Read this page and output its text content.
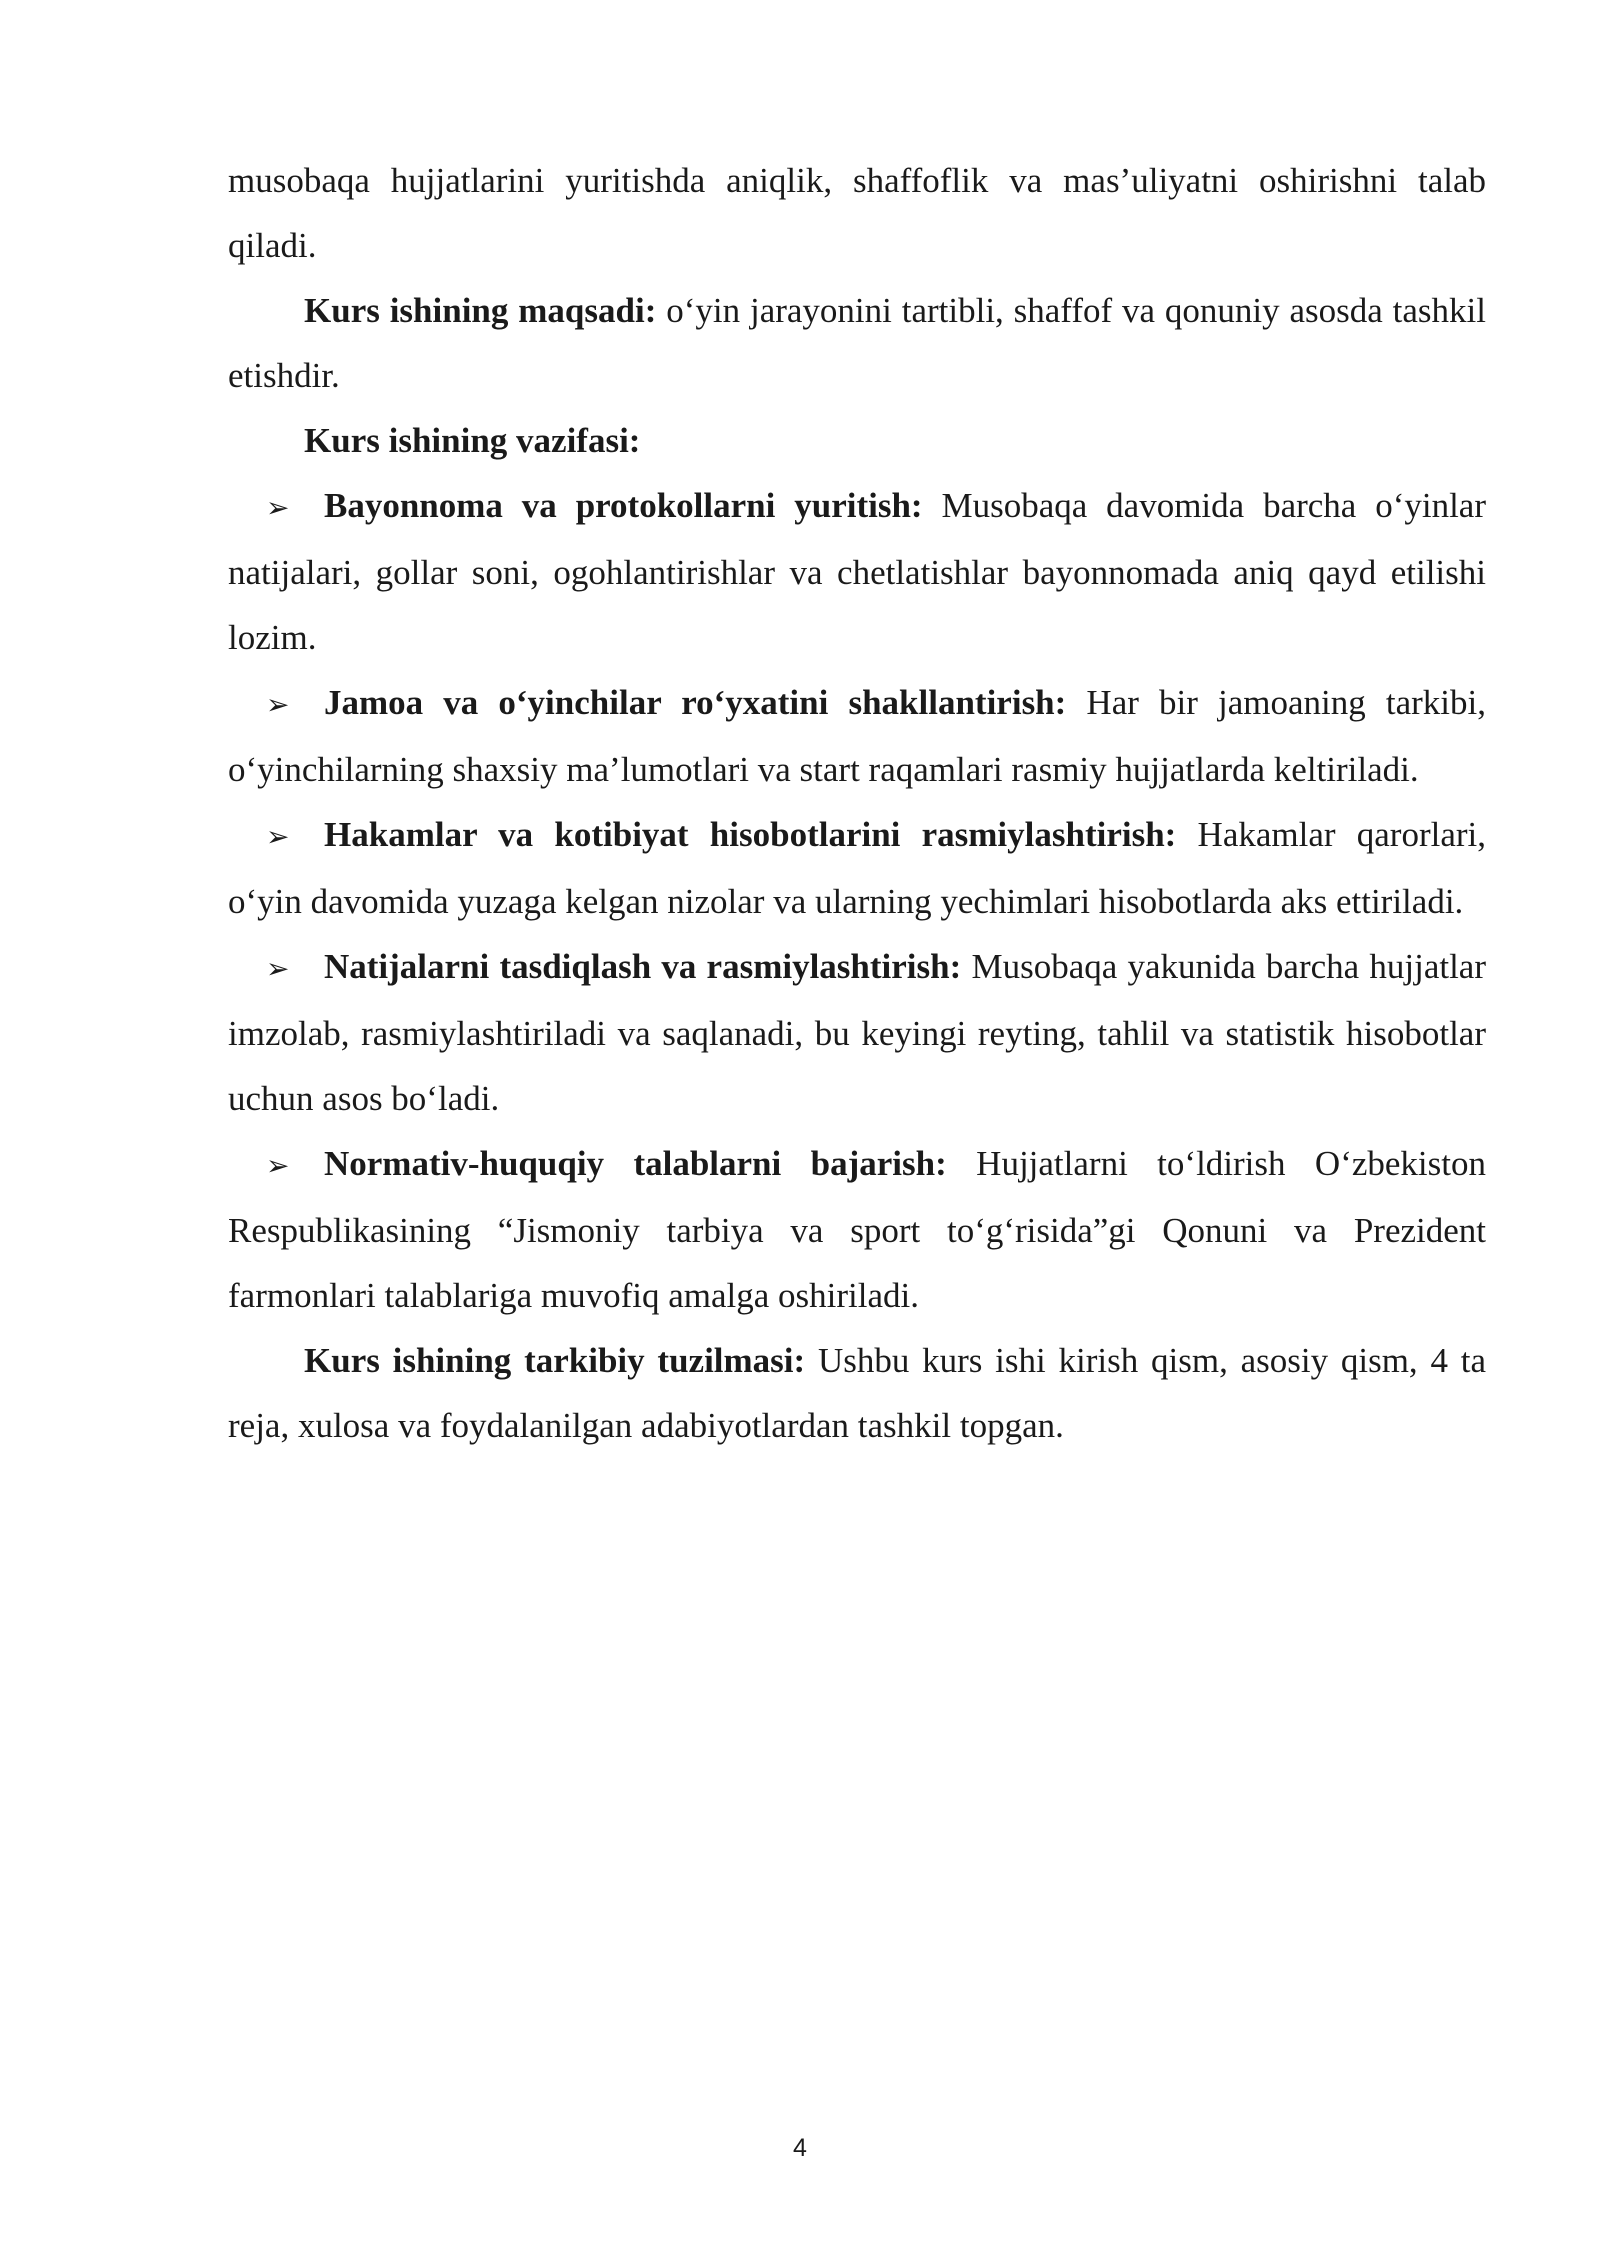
musobaqa hujjatlarini yuritishda aniqlik, shaffoflik va mas’uliyatni oshirishni talab qiladi.

Kurs ishining maqsadi: o‘yin jarayonini tartibli, shaffof va qonuniy asosda tashkil etishdir.

Kurs ishining vazifasi:

➢ Bayonnoma va protokollarni yuritish: Musobaqa davomida barcha o‘yinlar natijalari, gollar soni, ogohlantirishlar va chetlatishlar bayonnomada aniq qayd etilishi lozim.

➢ Jamoa va o‘yinchilar ro‘yxatini shakllantirish: Har bir jamoaning tarkibi, o‘yinchilarning shaxsiy ma’lumotlari va start raqamlari rasmiy hujjatlarda keltiriladi.

➢ Hakamlar va kotibiyat hisobotlarini rasmiylashtirish: Hakamlar qarorlari, o‘yin davomida yuzaga kelgan nizolar va ularning yechimlari hisobotlarda aks ettiriladi.

➢ Natijalarni tasdiqlash va rasmiylashtirish: Musobaqa yakunida barcha hujjatlar imzolab, rasmiylashtiriladi va saqlanadi, bu keyingi reyting, tahlil va statistik hisobotlar uchun asos bo‘ladi.

➢ Normativ-huquqiy talablarni bajarish: Hujjatlarni to‘ldirish O‘zbekiston Respublikasining “Jismoniy tarbiya va sport to‘g‘risida”gi Qonuni va Prezident farmonlari talablariga muvofiq amalga oshiriladi.

Kurs ishining tarkibiy tuzilmasi: Ushbu kurs ishi kirish qism, asosiy qism, 4 ta reja, xulosa va foydalanilgan adabiyotlardan tashkil topgan.

4
